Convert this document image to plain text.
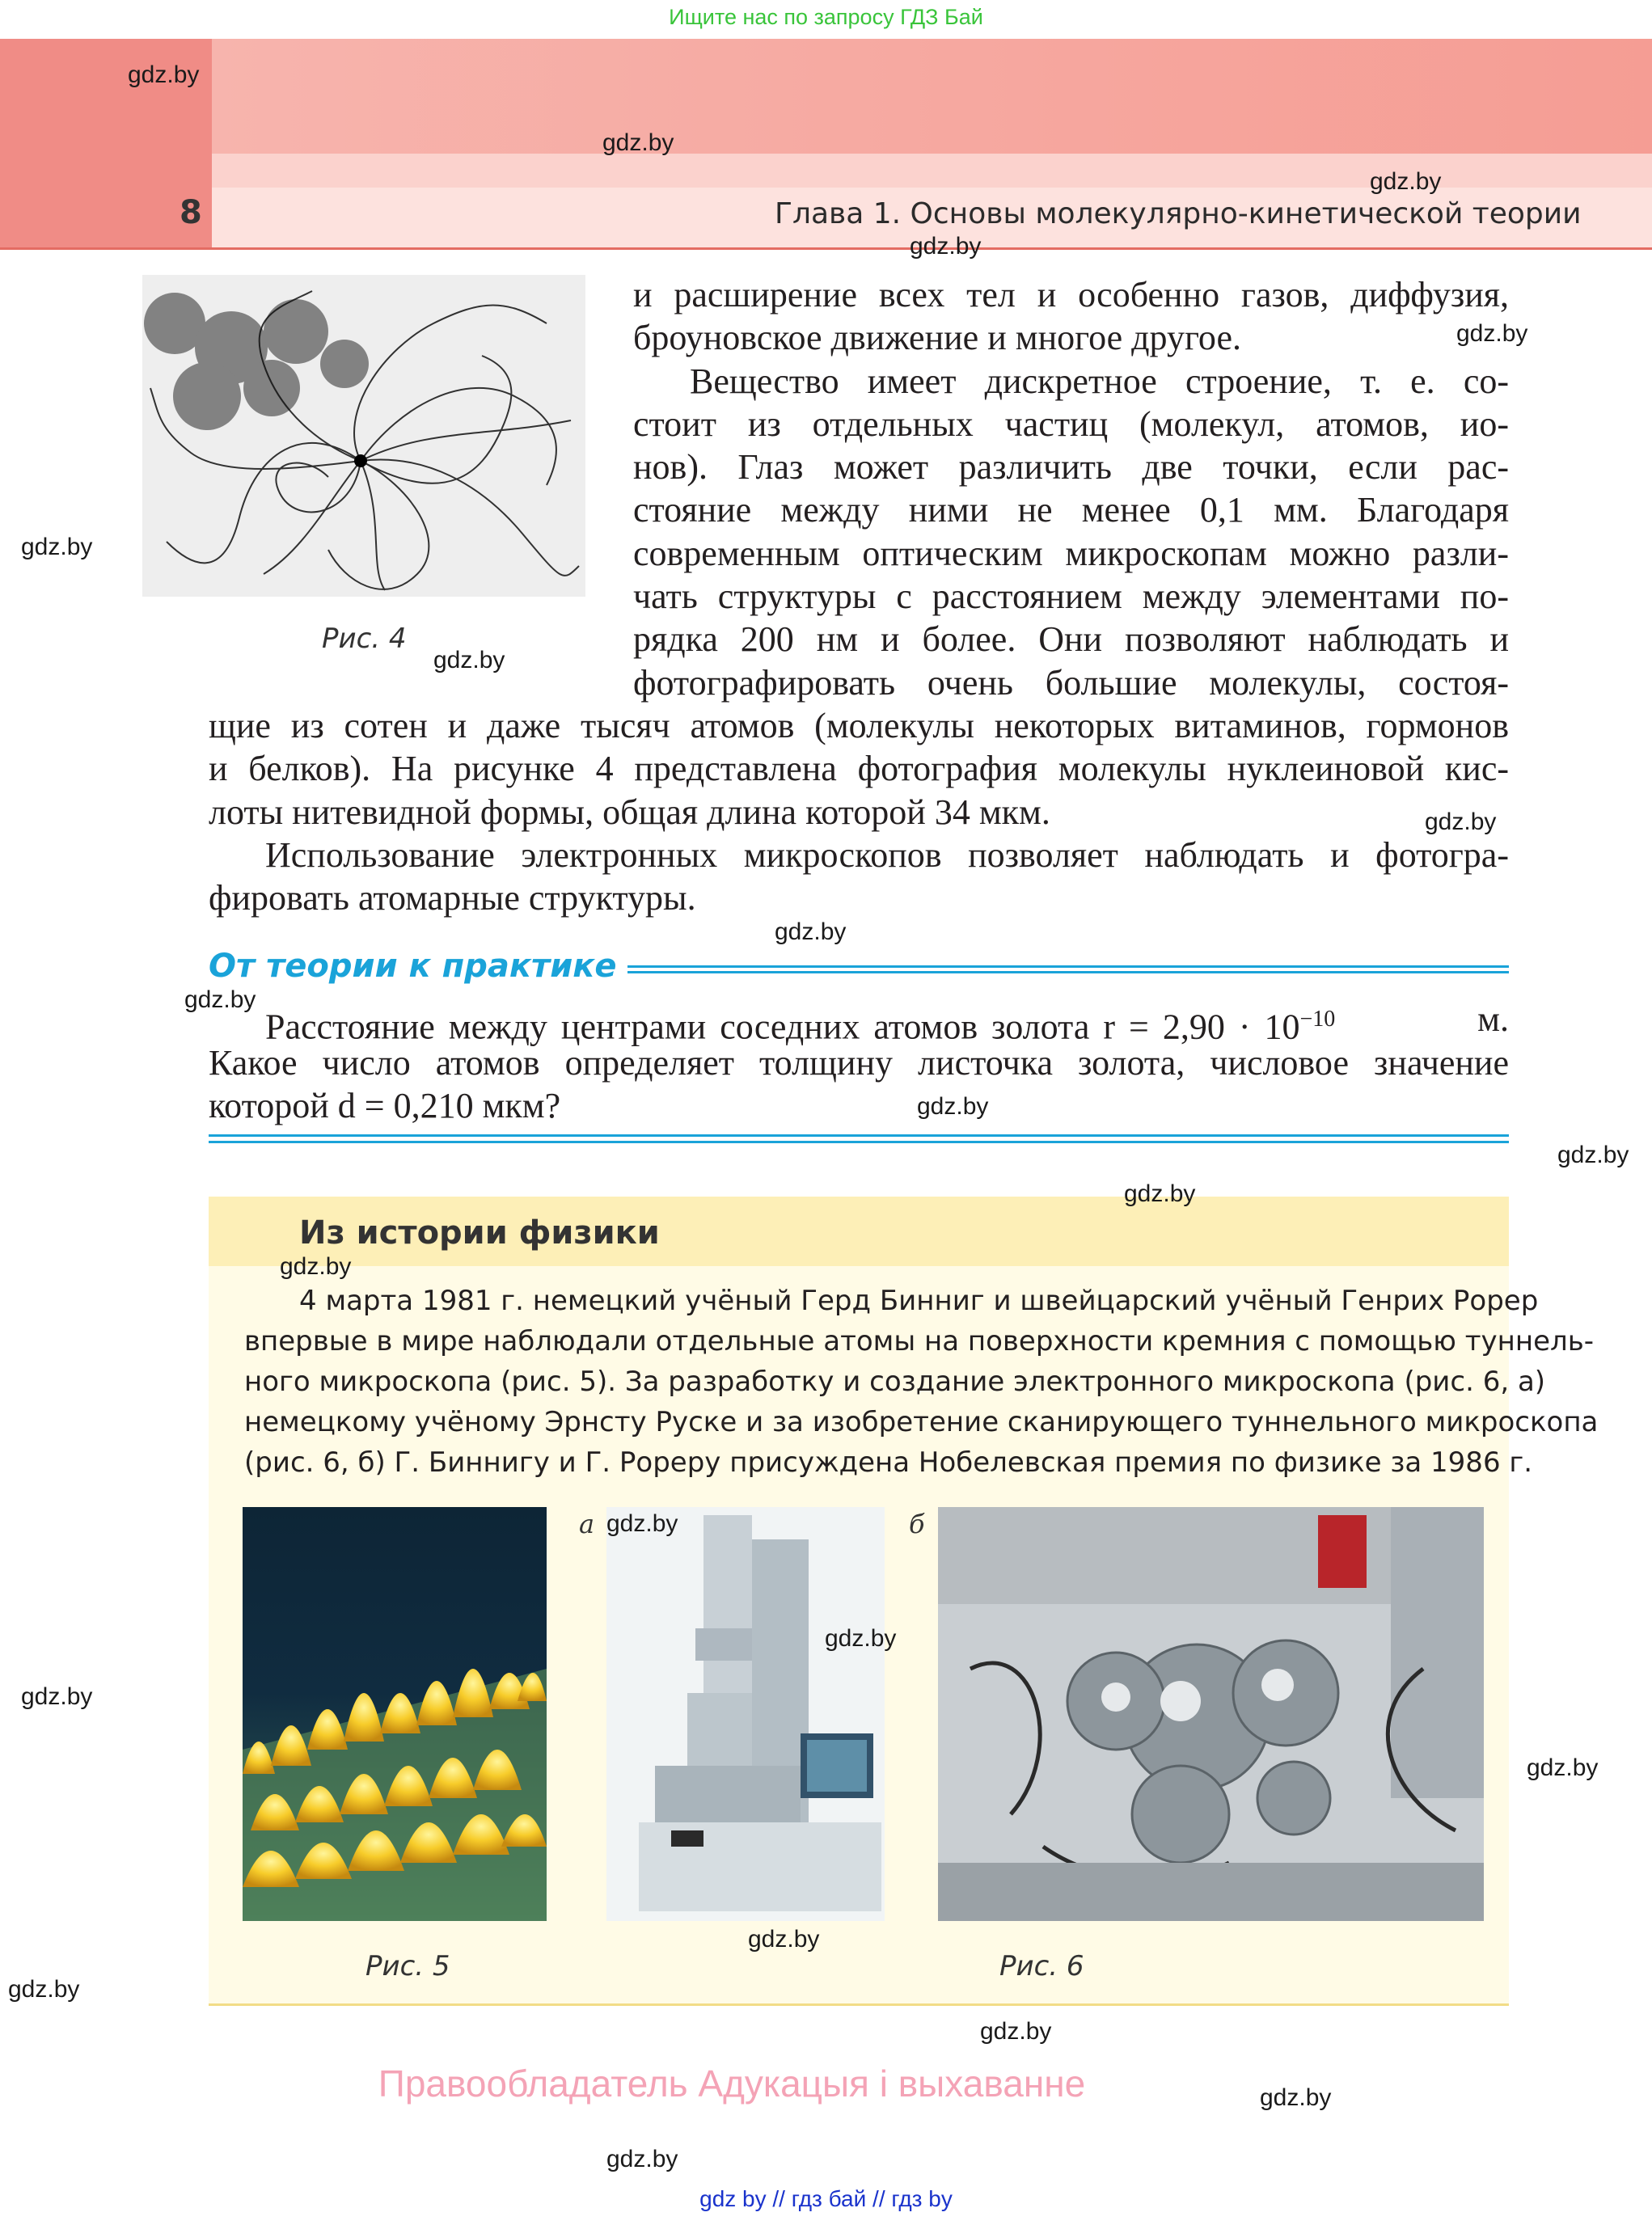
Ищите нас по запросу ГДЗ Бай
8	Глава 1. Основы молекулярно-кинетической теории
Рис. 4
и расширение всех тел и особенно газов, диффузия,
броуновское движение и многое другое.
Вещество имеет дискретное строение, т. е. со-
стоит из отдельных частиц (молекул, атомов, ио-
нов). Глаз может различить две точки, если рас-
стояние между ними не менее 0,1 мм. Благодаря
современным оптическим микроскопам можно разли-
чать структуры с расстоянием между элементами по-
рядка 200 нм и более. Они позволяют наблюдать и
фотографировать очень большие молекулы, состоя-
щие из сотен и даже тысяч атомов (молекулы некоторых витаминов, гормонов
и белков). На рисунке 4 представлена фотография молекулы нуклеиновой кис-
лоты нитевидной формы, общая длина которой 34 мкм.
Использование электронных микроскопов позволяет наблюдать и фотогра-
фировать атомарные структуры.
От теории к практике
Расстояние между центрами соседних атомов золота $r = 2,90 \cdot 10^{-10}$	м.
Какое число атомов определяет толщину листочка золота, числовое значение
которой d = 0,210 мкм?
Из истории физики
4 марта 1981 г. немецкий учёный Герд Бинниг и швейцарский учёный Генрих Рорер
впервые в мире наблюдали отдельные атомы на поверхности кремния с помощью туннель-
ного микроскопа (рис. 5). За разработку и создание электронного микроскопа (рис. 6, а)
немецкому учёному Эрнсту Руске и за изобретение сканирующего туннельного микроскопа
(рис. 6, б) Г. Биннигу и Г. Рореру присуждена Нобелевская премия по физике за 1986 г.
Рис. 5
а	б
Рис. 6
gdz.by
gdz.by
gdz.by
gdz.by
gdz.by
gdz.by
gdz.by
gdz.by
gdz.by
gdz.by
gdz.by
gdz.by
gdz.by
gdz.by
gdz.by
gdz.by
gdz.by
gdz.by
gdz.by
gdz.by
gdz.by
gdz.by
gdz.by
Правообладатель Адукацыя і выхаванне
gdz by // гдз бай // гдз by
